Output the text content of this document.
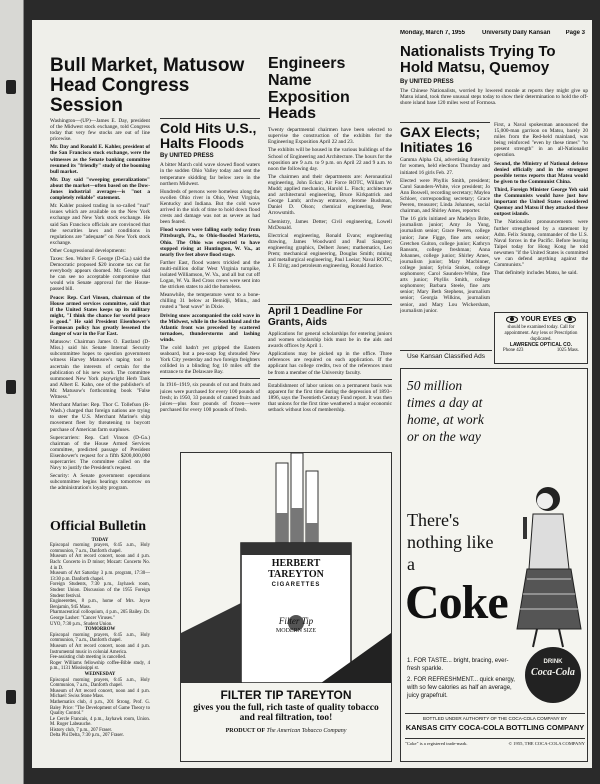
Monday, March 7, 1955	University Daily Kansan	Page 3
Bull Market, Matusow Head Congress Session

Washington—(UP)—James E. Day, president of the Midwest stock exchange, told Congress today that very few stocks are out of line pricewise.

Mr. Day and Ronald E. Kahler, president of the San Francisco stock exchange, were the witnesses as the Senate banking committee resumed its "friendly" study of the booming bull market.

Mr. Day said "sweeping generalizations" about the market—often based on the Dow-Jones industrial averages—is "not a completely reliable" statement.

Mr. Kahler praised trading in so-called "rual" issues which are available on the New York exchange and New York stock exchange. He said San Francisco officials are convinced that the securities laws and conditions in regulations are "adequate" on New York stock exchange.

Other Congressional developments:

Taxes: Sen. Walter F. George (D-Ga.) said the Democratic proposed $20 income tax cut for everybody appears doomed. Mr. George said he can see no acceptable compromise that would win Senate approval for the House-passed bill.

Peace: Rep. Carl Vinson, chairman of the House armed services committee, said that if the United States keeps up its military might, "I think the chance for world peace is good." He said President Eisenhower's Formosan policy has greatly lessened the danger of war in the Far East.

Matusow: Chairman James O. Eastland (D-Miss.) said his Senate Internal Security subcommittee hopes to question government witness Harvey Matusow's taping tool to ascertain the interests of certain for the publication of his new work. The committee summoned New York playwright Herb Tank and Albert E. Kahn, one of the publisher's of Mr. Matusow's forthcoming book "False Witness."

Merchant Marine: Rep. Thor C. Tollefson (R-Wash.) charged that foreign nations are trying to steer the U.S. Merchant Marine's ship movement fleet by threatening to boycott purchase of American farm surpluses.

Supercarriers: Rep. Carl Vinson (D-Ga.) chairman of the House Armed Services committee, predicted passage of President Eisenhower's request for a fifth $200,000,000 supercarrier. The committee called on the Navy to justify the President's request.

Security: A Senate government operations subcommittee begins hearings tomorrow on the administration's loyalty program.

Official Bulletin
TODAY

Episcopal morning prayers, 6:45 a.m., Holy communion, 7 a.m., Danforth chapel.

Museum of Art record concert, noon and 4 p.m. Bach: Concerto in D minor; Mozart: Concerto No. 4 in D.

Museum of Art Saturday 3 p.m. program, 17:30—13:30 p.m. Danforth chapel.

Foreign Students, 7:30 p.m., Jayhawk room, Student Union. Discussion of the 1955 Foreign Student festival.

Engineerettes, 8 p.m., home of Mrs. Joyce Benjamin, 945 Mass.

Pharmaceutical colloquium, 4 p.m., 205 Bailey. Dr. George Lasher: "Cancer Viruses."

UYO, 7:30 p.m., Student Union.

TOMORROW

Episcopal morning prayers, 6:45 a.m., Holy communion, 7 a.m., Danforth chapel.

Museum of Art record concert, noon and 4 p.m. Instrumental music in colonial America.

Fee-assisting club meeting is cancelled.

Roger Williams fellowship coffee-Bible study, 4 p.m., 1131 Mississippi st.

WEDNESDAY

Episcopal morning prayers, 6:45 a.m., Holy Communion, 7 a.m., Danforth chapel.

Museum of Art record concert, noon and 4 p.m. Michael: Swiss Stone Mass.

Mathematics club, 4 p.m., 201 Strong. Prof. G. Baley Price: "The Development of Game Theory to Quality Control."

Le Cercle Francais, 4 p.m., Jayhawk room, Union. M. Roger Labeauche.

History club, 7 p.m., 207 Fraser.

Delta Phi Delta, 7:30 p.m., 207 Fraser.

Cold Hits U.S., Halts Floods
By UNITED PRESS

A bitter March cold wave slowed flood waters in the sodden Ohio Valley today and sent the temperature skidding far below zero in the northern Midwest.

Hundreds of persons were homeless along the swollen Ohio river in Ohio, West Virginia, Kentucky and Indiana. But the cold wave arrived in the nick of time to hold down flood crests and damage was not as severe as had been feared.

Flood waters were falling early today from Pittsburgh, Pa., to Ohio-flooded Marietta, Ohio. The Ohio was expected to have stopped rising at Huntington, W. Va., at nearly five feet above flood stage.

Farther East, flood waters trickled and the multi-million dollar West Virginia turnpike, isolated Williamson, W. Va., and all but cut off Logan, W. Va. Red Cross crews were sent into the stricken states to aid the homeless.

Meanwhile, the temperature went to a bone-chilling 31 below at Bemidji, Minn., and routed a "heat wave" in Dixie.

Driving snow accompanied the cold wave in the Midwest, while in the Southland and the Atlantic front was preceded by scattered tornadoes, thunderstorms and lashing winds.

The cold hadn't yet gripped the Eastern seaboard, but a pea-soup fog shrouded New York City yesterday and two foreign freighters collided in a blinding fog 10 miles off the entrance to the Delaware Bay.

In 1916–1919, six pounds of cut and fruits and juices were purchased for every 100 pounds of fresh; in 1950, 33 pounds of canned fruits and juices—plus four pounds of frozen—were purchased for every 100 pounds of fresh.

Engineers Name Exposition Heads

Twenty departmental chairmen have been selected to supervise the construction of the exhibits for the Engineering Exposition April 22 and 23.

The exhibits will be housed in the various buildings of the School of Engineering and Architecture. The hours for the exposition are 9 a.m. to 9 p.m. on April 22 and 9 a.m. to noon the following day.

The chairmen and their departments are: Aeronautical engineering, John Eckar; Air Force ROTC, William W. Mudd; applied mechanics, Harold L. Finch; architecture and architectural engineering, Bruce Kirkpatrick and George Lamb; archway entrance, Jerome Bushman, Daniel D. Olson; chemical engineering, Peter Arrowsmith.

Chemistry, James Detter; Civil engineering, Lowell McDonald.

Electrical engineering, Ronald Evans; engineering drawing, James Woodward and Paul Sangster; engineering graphics, Delbert Jones; mathematics, Leo Prem; mechanical engineering, Douglas Smith; mining and metallurgical engineering, Paul Loeiar; Naval ROTC, J. F. Elrig; and petroleum engineering, Ronald Justice.

April 1 Deadline For Grants, Aids

Applications for general scholarships for entering juniors and women scholarship bids must be in the aids and awards offices by April 1.

Applications may be picked up in the office. Three references are required on each application. If the applicant has college credits, two of the references must be from a member of the University faculty.

Establishment of labor unions on a permanent basis was apparent for the first time during the depression of 1893–1896, says the Twentieth Century Fund report. It was then that unions for the first time weathered a major economic setback without loss of membership.

HERBERT TAREYTON
CIGARETTES
Filter Tip
MODERN SIZE
FILTER TIP TAREYTON
gives you the full, rich taste of quality tobacco and real filtration, too!
PRODUCT OF The American Tobacco Company
Nationalists Trying To Hold Matsu, Quemoy
By UNITED PRESS

The Chinese Nationalists, worried by lowered morale at reports they might give up Matsu island, took three unusual steps today to show their determination to hold the off-shore island base 120 miles west of Formosa.

First, a Naval spokesman announced the 15,000-man garrison on Matsu, barely 20 miles from the Red-held mainland, was being reinforced "even by these times" "to present strength" in an all-Nationalist operation.

Second, the Ministry of National defense denied officially and in the strongest possible terms reports that Matsu would be given to the Communist China.

Third, Foreign Minister George Yeh said the Communists would have just how important the United States considered Quemoy and Matsu if they attacked these outpost islands.

The Nationalist pronouncements were further strengthened by a statement by Adm. Felix Stump, commander of the U.S. Naval forces in the Pacific. Before leaving Taipei today for Hong Kong he told newsmen "if the United States is committed we can defend anything against the Communists."

That definitely includes Matsu, he said.

GAX Elects; Initiates 16

Gamma Alpha Chi, advertising fraternity for women, held elections Thursday and initiated 16 girls Feb. 27.

Elected were Phyllis Smith, president; Carol Saunders-White, vice president; Jo Ann Boswell, recording secretary; Maylea Schloer, corresponding secretary; Grace Peeren, treasurer; Linda Johannes, social chairman, and Shirley Ames, reporter.

The 16 girls initiated are Madelyn Brite, journalism junior; Amy Jo Yung, journalism senior; Grace Peeren, college junior; Jane Figge, fine arts senior; Gretchen Guiton, college junior; Kathryn Ransom, college freshman; Anna Johannes, college junior; Shirley Ames, journalism junior; Mary Macbinner, college junior; Sylvia Stokes, college sophomore; Carol Saunders-White, fine arts junior; Phyllis Smith, college sophomore; Barbara Steele, fine arts senior; Mary Beth Stephens, journalism senior; Georgia Wilkins, journalism senior, and Mary Lou Wickersham, journalism junior.

YOUR EYES
should be examined today. Call for appointment. Any lens or Prescription duplicated.
LAWRENCE OPTICAL CO.
Phone 423	1025 Mass.
Use Kansan Classified Ads
50 million times a day at home, at work or on the way
There's nothing like a
Coke

1. FOR TASTE... bright, bracing, ever-fresh sparkle.

2. FOR REFRESHMENT... quick energy, with so few calories as half an average, juicy grapefruit.

DRINK
Coca-Cola
BOTTLED UNDER AUTHORITY OF THE COCA-COLA COMPANY BY
KANSAS CITY COCA-COLA BOTTLING COMPANY
"Coke" is a registered trade-mark.	© 1955, THE COCA-COLA COMPANY
